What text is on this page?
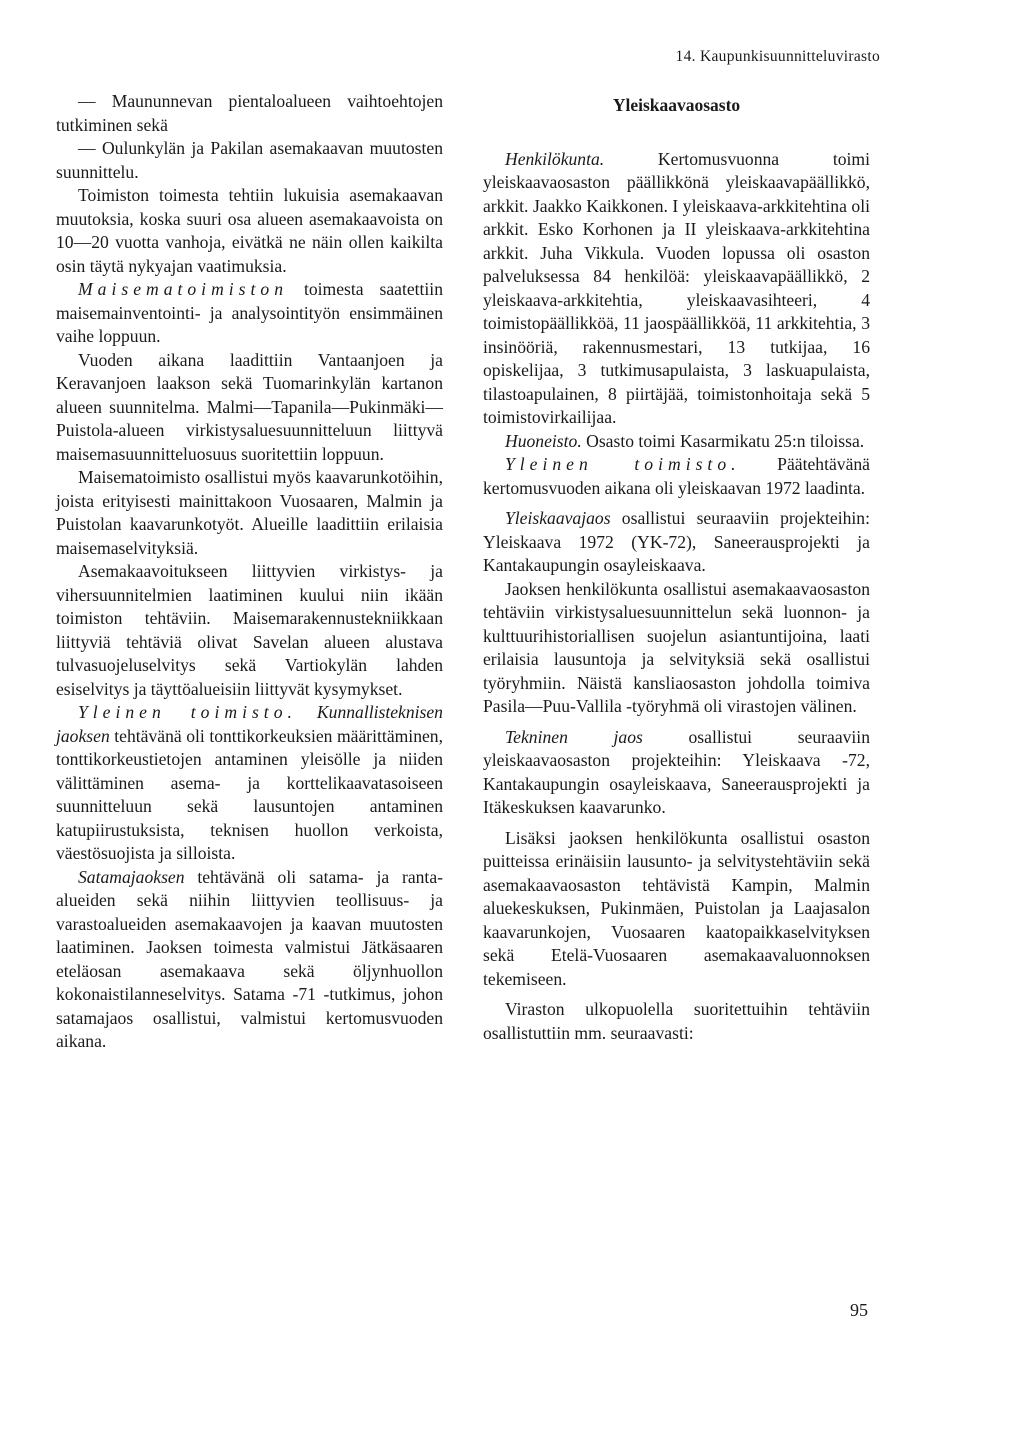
14. Kaupunkisuunnitteluvirasto

— Maununnevan pientaloalueen vaihtoehtojen tutkiminen sekä

— Oulunkylän ja Pakilan asemakaavan muutosten suunnittelu.

Toimiston toimesta tehtiin lukuisia asemakaavan muutoksia, koska suuri osa alueen asemakaavoista on 10—20 vuotta vanhoja, eivätkä ne näin ollen kaikilta osin täytä nykyajan vaatimuksia.

Maisematoimiston toimesta saatettiin maisemainventointi- ja analysointityön ensimmäinen vaihe loppuun.

Vuoden aikana laadittiin Vantaanjoen ja Keravanjoen laakson sekä Tuomarinkylän kartanon alueen suunnitelma. Malmi—Tapanila—Pukinmäki—Puistola-alueen virkistysaluesuunnitteluun liittyvä maisemasuunnitteluosuus suoritettiin loppuun.

Maisematoimisto osallistui myös kaavarunkotöihin, joista erityisesti mainittakoon Vuosaaren, Malmin ja Puistolan kaavarunkotyöt. Alueille laadittiin erilaisia maisemaselvityksiä.

Asemakaavoitukseen liittyvien virkistys- ja vihersuunnitelmien laatiminen kuului niin ikään toimiston tehtäviin. Maisemarakennustekniikkaan liittyviä tehtäviä olivat Savelan alueen alustava tulvasuojeluselvitys sekä Vartiokylän lahden esiselvitys ja täyttöalueisiin liittyvät kysymykset.

Yleinen toimisto. Kunnallisteknisen jaoksen tehtävänä oli tonttikorkeuksien määrittäminen, tonttikorkeustietojen antaminen yleisölle ja niiden välittäminen asema- ja korttelikaavatasoiseen suunnitteluun sekä lausuntojen antaminen katupiirustuksista, teknisen huollon verkoista, väestösuojista ja silloista.

Satamajaoksen tehtävänä oli satama- ja ranta-alueiden sekä niihin liittyvien teollisuus- ja varastoalueiden asemakaavojen ja kaavan muutosten laatiminen. Jaoksen toimesta valmistui Jätkäsaaren eteläosan asemakaava sekä öljynhuollon kokonaistilanneselvitys. Satama -71 -tutkimus, johon satamajaos osallistui, valmistui kertomusvuoden aikana.

Yleiskaavaosasto

Henkilökunta. Kertomusvuonna toimi yleiskaavaosaston päällikkönä yleiskaavapäällikkö, arkkit. Jaakko Kaikkonen. I yleiskaava-arkkitehtina oli arkkit. Esko Korhonen ja II yleiskaava-arkkitehtina arkkit. Juha Vikkula. Vuoden lopussa oli osaston palveluksessa 84 henkilöä: yleiskaavapäällikkö, 2 yleiskaava-arkkitehtia, yleiskaavasihteeri, 4 toimistopäällikköä, 11 jaospäällikköä, 11 arkkitehtia, 3 insinööriä, rakennusmestari, 13 tutkijaa, 16 opiskelijaa, 3 tutkimusapulaista, 3 laskuapulaista, tilastoapulainen, 8 piirtäjää, toimistonhoitaja sekä 5 toimistovirkailijaa.

Huoneisto. Osasto toimi Kasarmikatu 25:n tiloissa.

Yleinen toimisto. Päätehtävänä kertomusvuoden aikana oli yleiskaavan 1972 laadinta.

Yleiskaavajaos osallistui seuraaviin projekteihin: Yleiskaava 1972 (YK-72), Saneerausprojekti ja Kantakaupungin osayleiskaava.

Jaoksen henkilökunta osallistui asemakaavaosaston tehtäviin virkistysaluesuunnittelun sekä luonnon- ja kulttuurihistoriallisen suojelun asiantuntijoina, laati erilaisia lausuntoja ja selvityksiä sekä osallistui työryhmiin. Näistä kansliaosaston johdolla toimiva Pasila—Puu-Vallila -työryhmä oli virastojen välinen.

Tekninen jaos osallistui seuraaviin yleiskaavaosaston projekteihin: Yleiskaava -72, Kantakaupungin osayleiskaava, Saneerausprojekti ja Itäkeskuksen kaavarunko.

Lisäksi jaoksen henkilökunta osallistui osaston puitteissa erinäisiin lausunto- ja selvitystehtäviin sekä asemakaavaosaston tehtävistä Kampin, Malmin aluekeskuksen, Pukinmäen, Puistolan ja Laajasalon kaavarunkojen, Vuosaaren kaatopaikkaselvityksen sekä Etelä-Vuosaaren asemakaavaluonnoksen tekemiseen.

Viraston ulkopuolella suoritettuihin tehtäviin osallistuttiin mm. seuraavasti:

95
